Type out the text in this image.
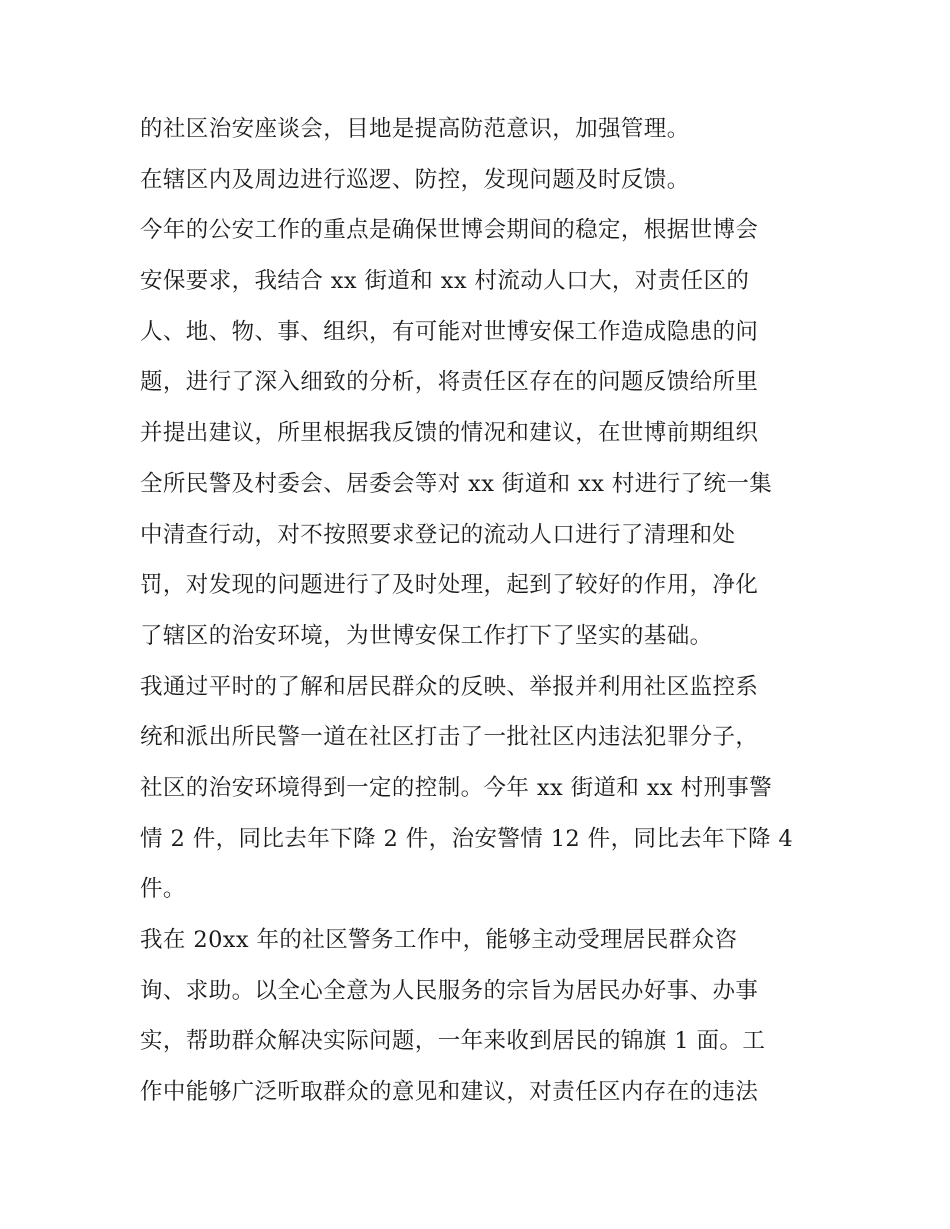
的社区治安座谈会，目地是提高防范意识，加强管理。
在辖区内及周边进行巡逻、防控，发现问题及时反馈。
今年的公安工作的重点是确保世博会期间的稳定，根据世博会
安保要求，我结合 xx 街道和 xx 村流动人口大，对责任区的
人、地、物、事、组织，有可能对世博安保工作造成隐患的问
题，进行了深入细致的分析，将责任区存在的问题反馈给所里
并提出建议，所里根据我反馈的情况和建议，在世博前期组织
全所民警及村委会、居委会等对 xx 街道和 xx 村进行了统一集
中清查行动，对不按照要求登记的流动人口进行了清理和处
罚，对发现的问题进行了及时处理，起到了较好的作用，净化
了辖区的治安环境，为世博安保工作打下了坚实的基础。
我通过平时的了解和居民群众的反映、举报并利用社区监控系
统和派出所民警一道在社区打击了一批社区内违法犯罪分子，
社区的治安环境得到一定的控制。今年 xx 街道和 xx 村刑事警
情 2 件，同比去年下降 2 件，治安警情 12 件，同比去年下降 4
件。
我在 20xx 年的社区警务工作中，能够主动受理居民群众咨
询、求助。以全心全意为人民服务的宗旨为居民办好事、办事
实，帮助群众解决实际问题，一年来收到居民的锦旗 1 面。工
作中能够广泛听取群众的意见和建议，对责任区内存在的违法
